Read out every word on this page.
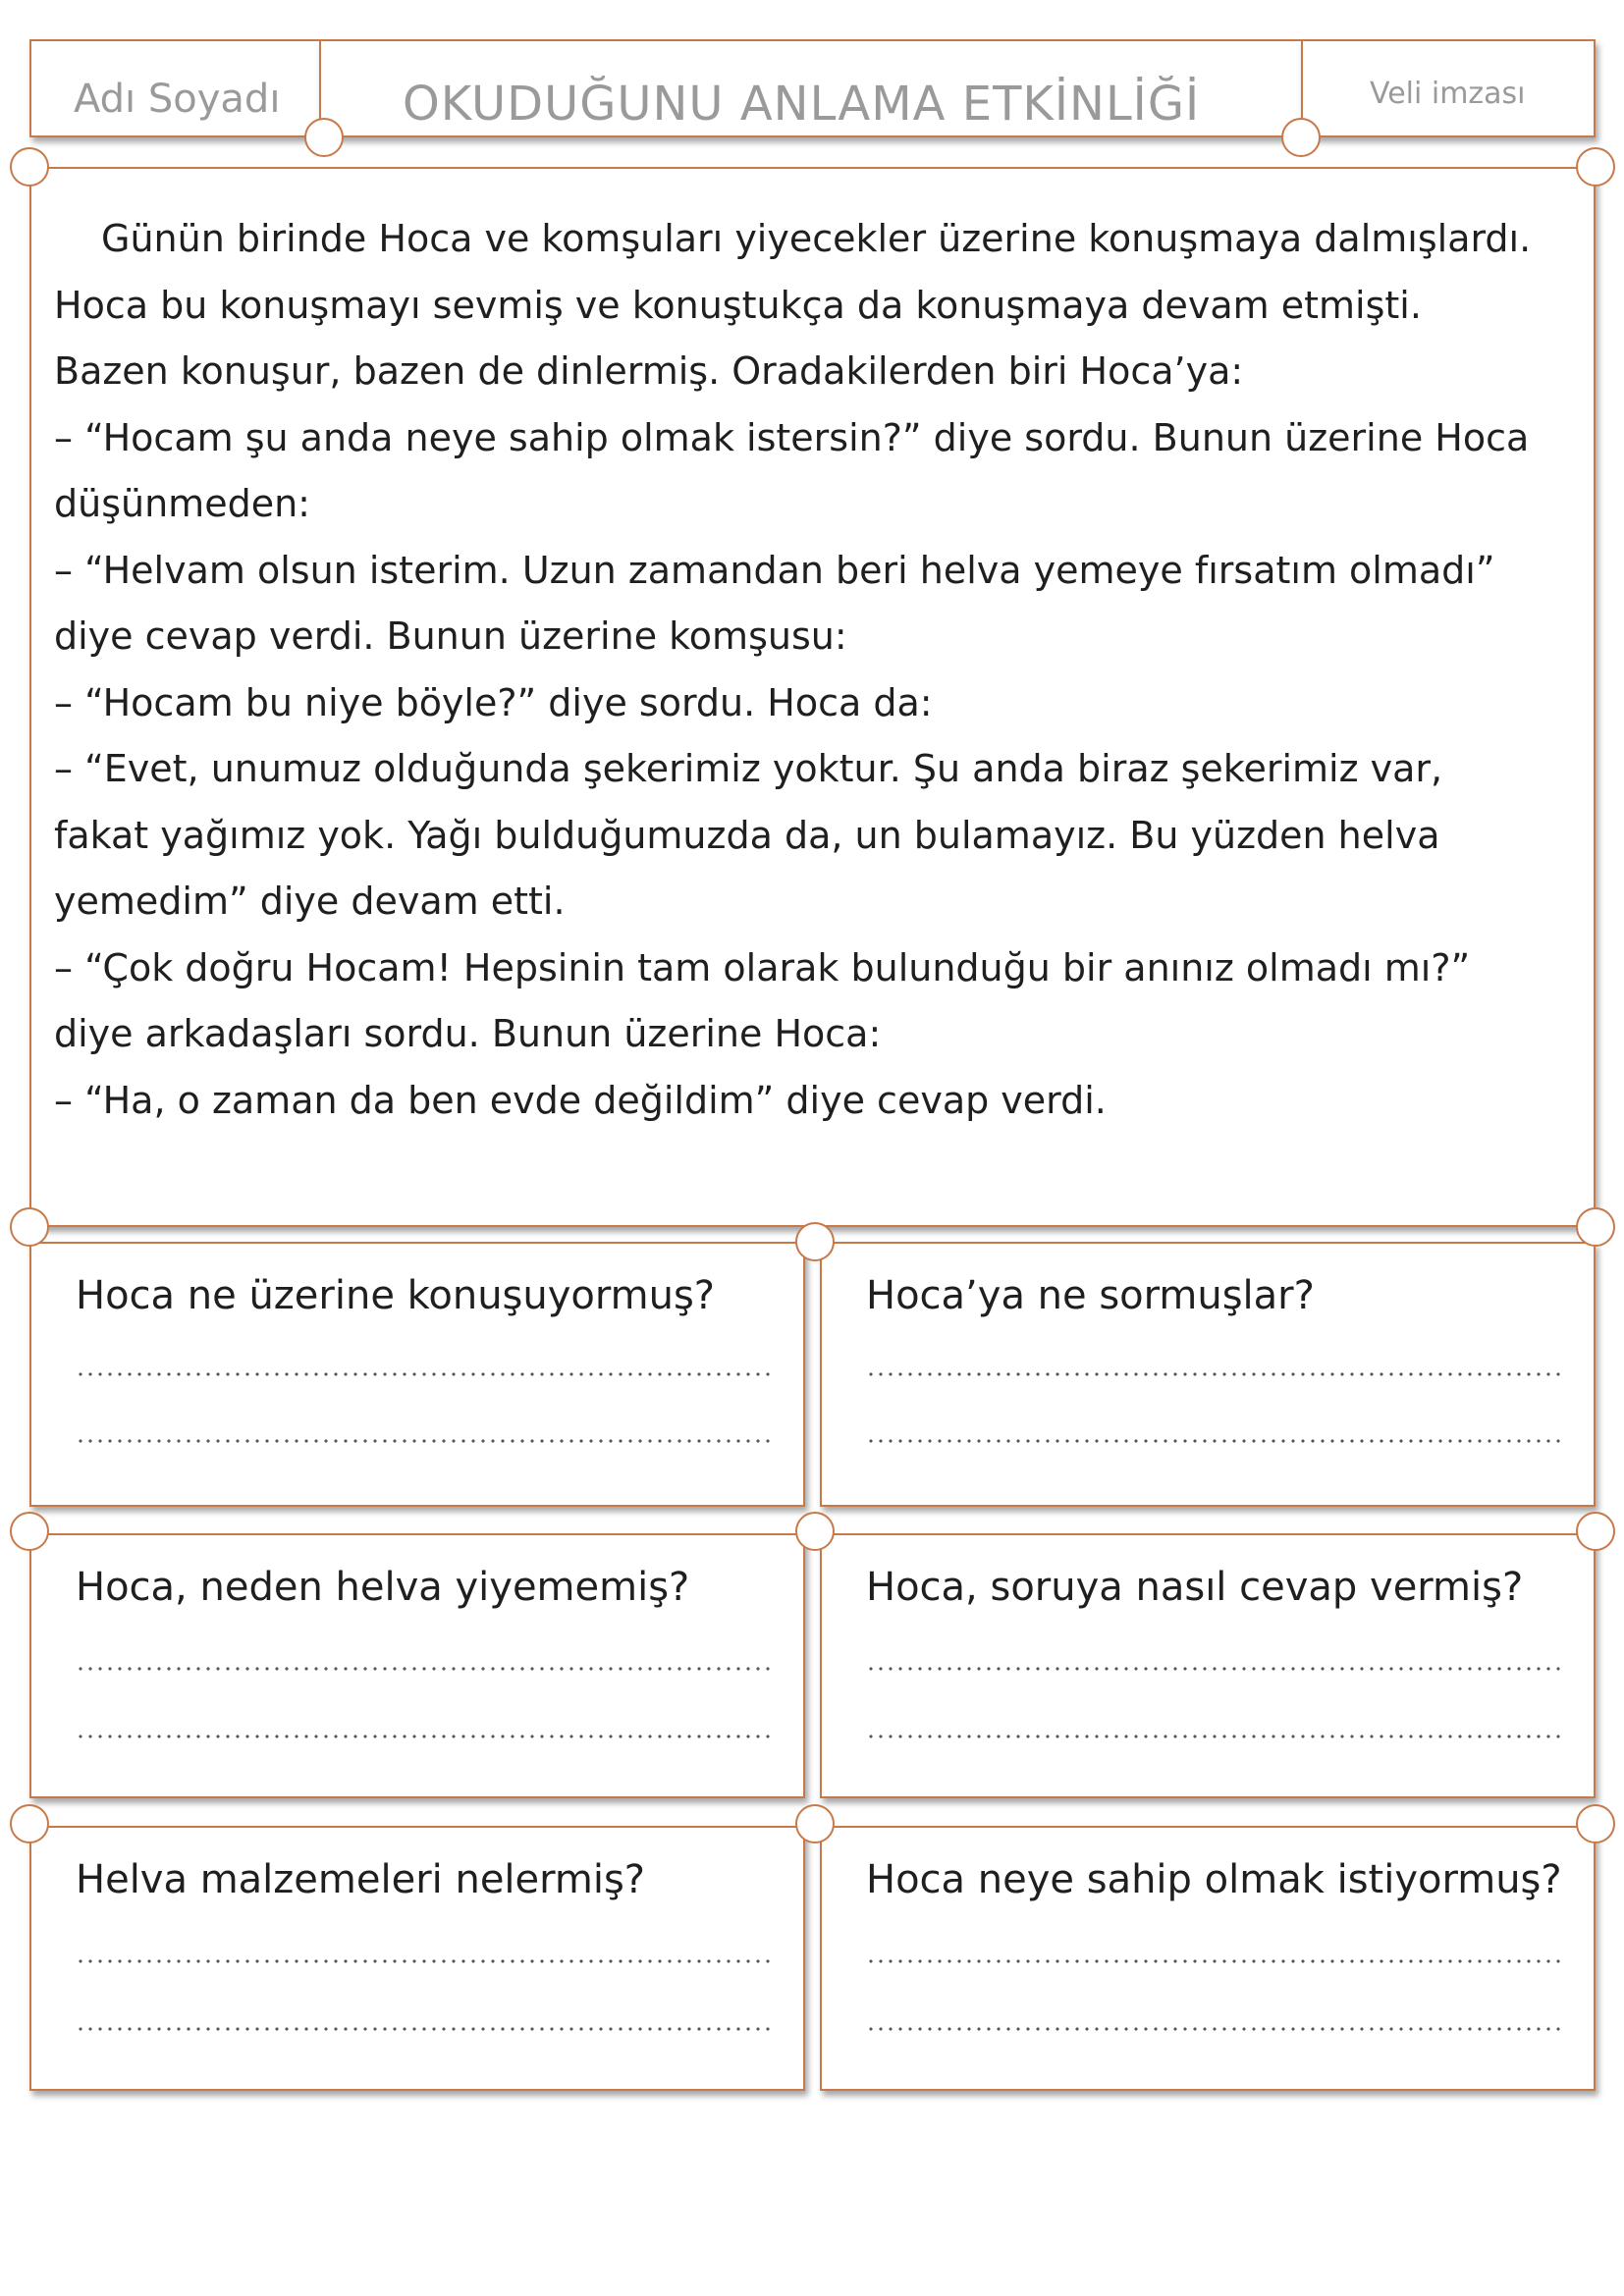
Adı Soyadı	OKUDUĞUNU ANLAMA ETKİNLİĞİ	Veli imzası

Günün birinde Hoca ve komşuları yiyecekler üzerine konuşmaya dalmışlardı. Hoca bu konuşmayı sevmiş ve konuştukça da konuşmaya devam etmişti. Bazen konuşur, bazen de dinlermiş. Oradakilerden biri Hoca’ya:

– “Hocam şu anda neye sahip olmak istersin?” diye sordu. Bunun üzerine Hoca düşünmeden:

– “Helvam olsun isterim. Uzun zamandan beri helva yemeye fırsatım olmadı” diye cevap verdi. Bunun üzerine komşusu:

– “Hocam bu niye böyle?” diye sordu. Hoca da:

– “Evet, unumuz olduğunda şekerimiz yoktur. Şu anda biraz şekerimiz var, fakat yağımız yok. Yağı bulduğumuzda da, un bulamayız. Bu yüzden helva yemedim” diye devam etti.

– “Çok doğru Hocam! Hepsinin tam olarak bulunduğu bir anınız olmadı mı?” diye arkadaşları sordu. Bunun üzerine Hoca:

– “Ha, o zaman da ben evde değildim” diye cevap verdi.

Hoca ne üzerine konuşuyormuş?	Hoca’ya ne sormuşlar?
Hoca, neden helva yiyememiş?	Hoca, soruya nasıl cevap vermiş?
Helva malzemeleri nelermiş?	Hoca neye sahip olmak istiyormuş?
